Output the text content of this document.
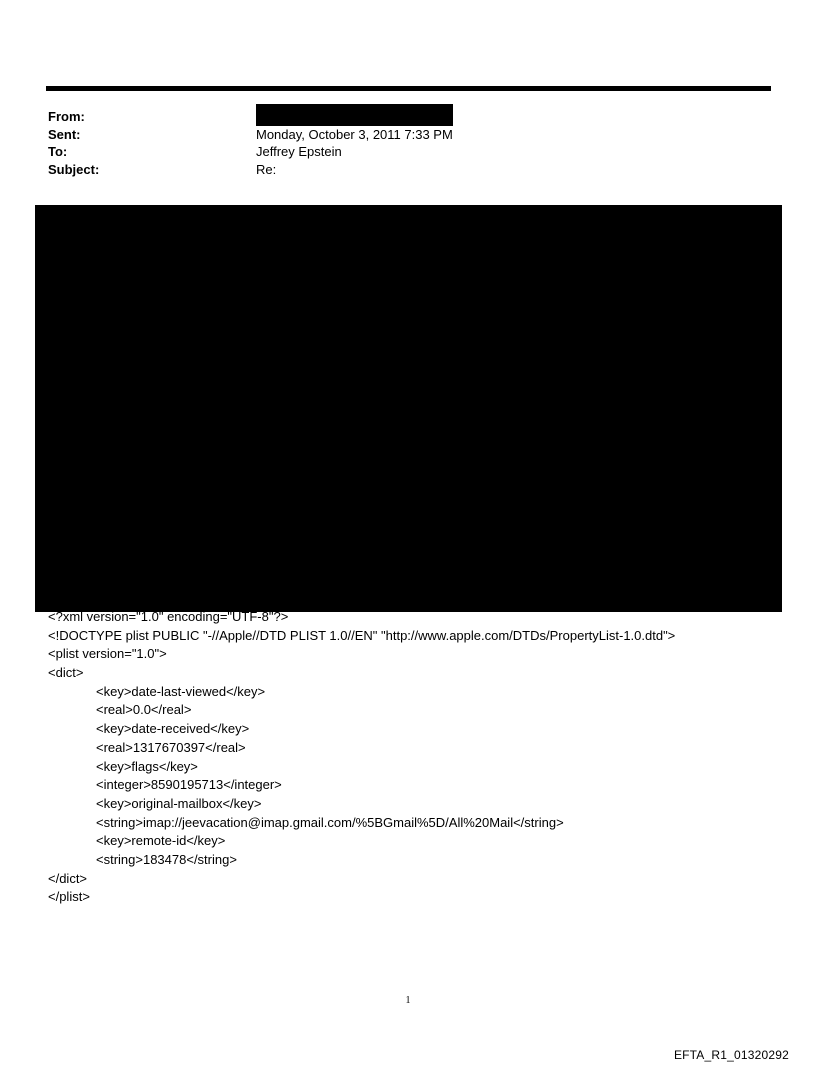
From:
Sent:	Monday, October 3, 2011 7:33 PM
To:	Jeffrey Epstein
Subject:	Re:
<?xml version="1.0" encoding="UTF-8"?>
<!DOCTYPE plist PUBLIC "-//Apple//DTD PLIST 1.0//EN" "http://www.apple.com/DTDs/PropertyList-1.0.dtd">
<plist version="1.0">
<dict>
<key>date-last-viewed</key>
<real>0.0</real>
<key>date-received</key>
<real>1317670397</real>
<key>flags</key>
<integer>8590195713</integer>
<key>original-mailbox</key>
<string>imap://jeevacation@imap.gmail.com/%5BGmail%5D/All%20Mail</string>
<key>remote-id</key>
<string>183478</string>
</dict>
</plist>
1
EFTA_R1_01320292
